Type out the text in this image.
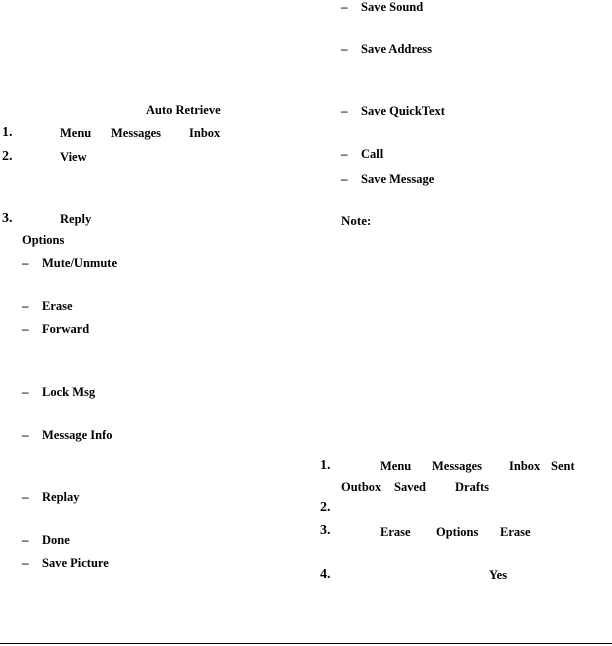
Auto Retrieve
1.	Menu Messages Inbox
2.	View
3.	Reply
Options
– Mute/Unmute
– Erase
– Forward
– Lock Msg
– Message Info
– Replay
– Done
– Save Picture
– Save Sound
– Save Address
– Save QuickText
– Call
– Save Message
Note:
1.	Menu Messages Inbox Sent
Outbox Saved Drafts
2.
3.	Erase Options Erase
4.	Yes
